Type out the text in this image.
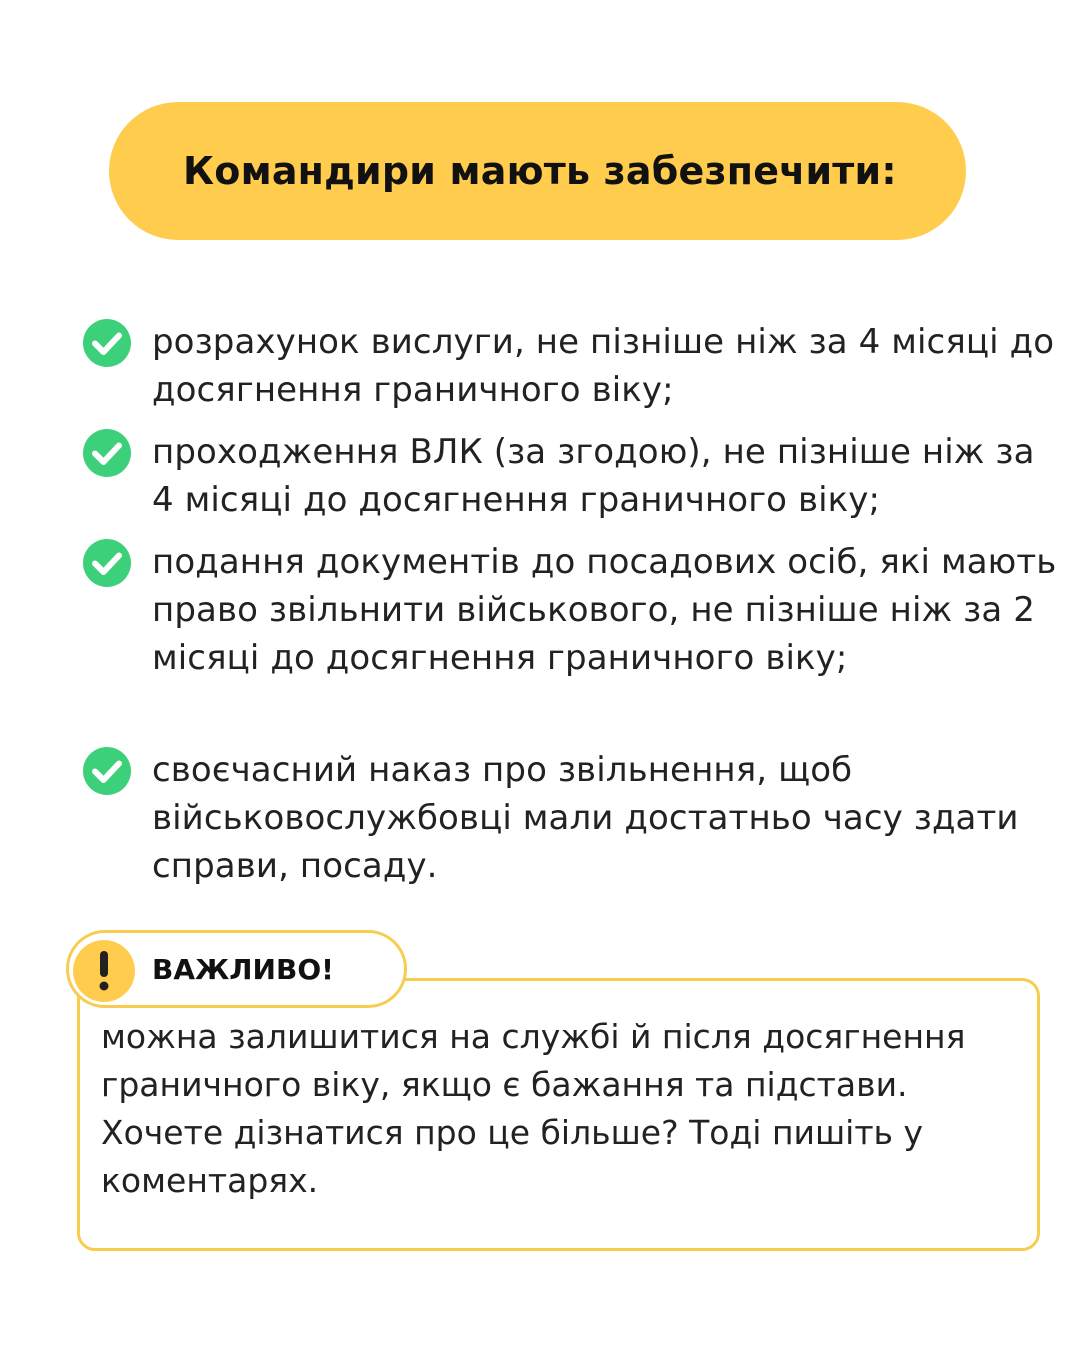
Командири мають забезпечити:
розрахунок вислуги, не пізніше ніж за 4 місяці до досягнення граничного віку;
проходження ВЛК (за згодою), не пізніше ніж за 4 місяці до досягнення граничного віку;
подання документів до посадових осіб, які мають право звільнити військового, не пізніше ніж за 2 місяці до досягнення граничного віку;
своєчасний наказ про звільнення, щоб військовослужбовці мали достатньо часу здати справи, посаду.
можна залишитися на службі й після досягнення граничного віку, якщо є бажання та підстави. Хочете дізнатися про це більше? Тоді пишіть у коментарях.
ВАЖЛИВО!
